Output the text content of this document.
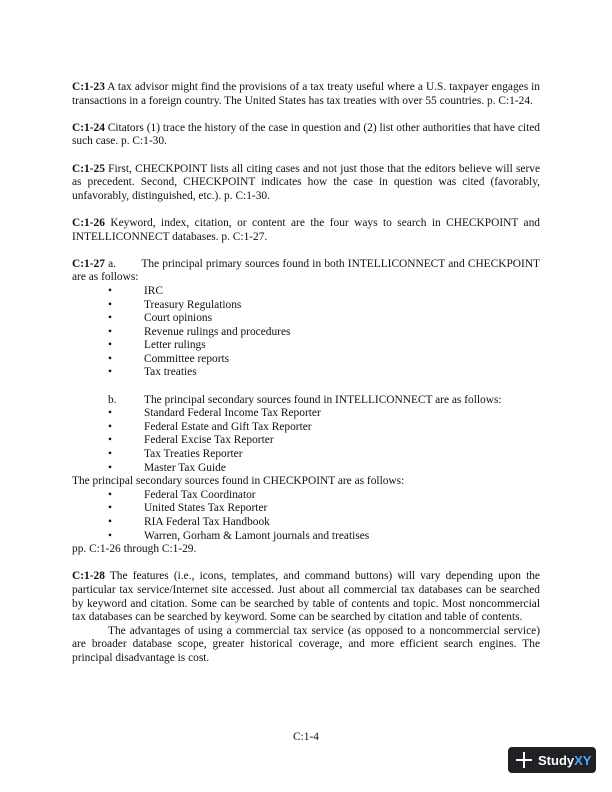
C:1-23 A tax advisor might find the provisions of a tax treaty useful where a U.S. taxpayer engages in transactions in a foreign country. The United States has tax treaties with over 55 countries. p. C:1-24.

C:1-24 Citators (1) trace the history of the case in question and (2) list other authorities that have cited such case. p. C:1-30.

C:1-25 First, CHECKPOINT lists all citing cases and not just those that the editors believe will serve as precedent. Second, CHECKPOINT indicates how the case in question was cited (favorably, unfavorably, distinguished, etc.). p. C:1-30.

C:1-26 Keyword, index, citation, or content are the four ways to search in CHECKPOINT and INTELLICONNECT databases. p. C:1-27.

C:1-27 a. The principal primary sources found in both INTELLICONNECT and CHECKPOINT are as follows:

•	IRC
•	Treasury Regulations
•	Court opinions
•	Revenue rulings and procedures
•	Letter rulings
•	Committee reports
•	Tax treaties
b. The principal secondary sources found in INTELLICONNECT are as follows:
•	Standard Federal Income Tax Reporter
•	Federal Estate and Gift Tax Reporter
•	Federal Excise Tax Reporter
•	Tax Treaties Reporter
•	Master Tax Guide
The principal secondary sources found in CHECKPOINT are as follows:
•	Federal Tax Coordinator
•	United States Tax Reporter
•	RIA Federal Tax Handbook
•	Warren, Gorham & Lamont journals and treatises

pp. C:1-26 through C:1-29.

C:1-28 The features (i.e., icons, templates, and command buttons) will vary depending upon the particular tax service/Internet site accessed. Just about all commercial tax databases can be searched by keyword and citation. Some can be searched by table of contents and topic. Most noncommercial tax databases can be searched by keyword. Some can be searched by citation and table of contents.

The advantages of using a commercial tax service (as opposed to a noncommercial service) are broader database scope, greater historical coverage, and more efficient search engines. The principal disadvantage is cost.

C:1-4
StudyXY
